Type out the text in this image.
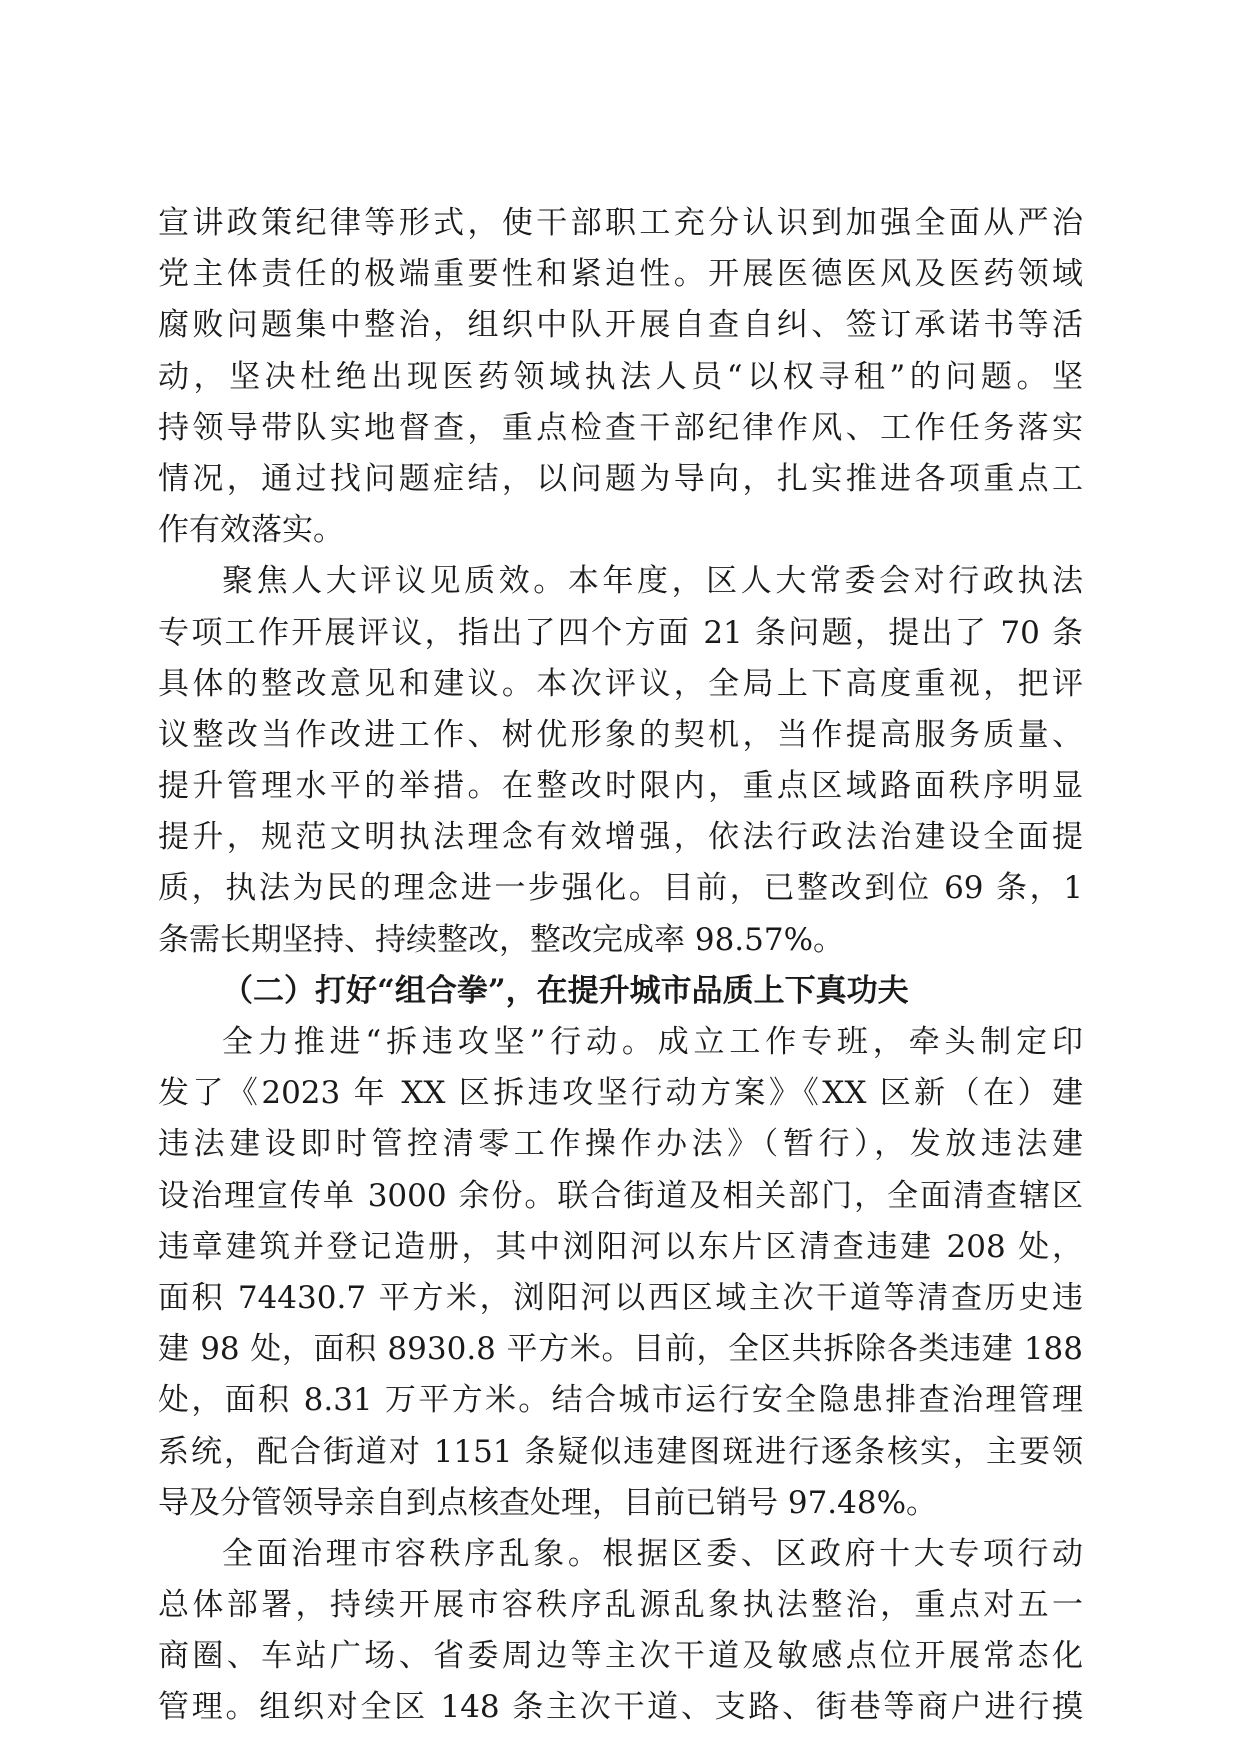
宣讲政策纪律等形式，使干部职工充分认识到加强全面从严治
党主体责任的极端重要性和紧迫性。开展医德医风及医药领域
腐败问题集中整治，组织中队开展自查自纠、签订承诺书等活
动，坚决杜绝出现医药领域执法人员“以权寻租”的问题。坚
持领导带队实地督查，重点检查干部纪律作风、工作任务落实
情况，通过找问题症结，以问题为导向，扎实推进各项重点工
作有效落实。
聚焦人大评议见质效。本年度，区人大常委会对行政执法
专项工作开展评议，指出了四个方面 21 条问题，提出了 70 条
具体的整改意见和建议。本次评议，全局上下高度重视，把评
议整改当作改进工作、树优形象的契机，当作提高服务质量、
提升管理水平的举措。在整改时限内，重点区域路面秩序明显
提升，规范文明执法理念有效增强，依法行政法治建设全面提
质，执法为民的理念进一步强化。目前，已整改到位 69 条，1
条需长期坚持、持续整改，整改完成率 98.57%。
（二）打好“组合拳”，在提升城市品质上下真功夫
全力推进“拆违攻坚”行动。成立工作专班，牵头制定印
发了《2023 年 XX 区拆违攻坚行动方案》《XX 区新（在）建
违法建设即时管控清零工作操作办法》（暂行），发放违法建
设治理宣传单 3000 余份。联合街道及相关部门，全面清查辖区
违章建筑并登记造册，其中浏阳河以东片区清查违建 208 处，
面积 74430.7 平方米，浏阳河以西区域主次干道等清查历史违
建 98 处，面积 8930.8 平方米。目前，全区共拆除各类违建 188
处，面积 8.31 万平方米。结合城市运行安全隐患排查治理管理
系统，配合街道对 1151 条疑似违建图斑进行逐条核实，主要领
导及分管领导亲自到点核查处理，目前已销号 97.48%。
全面治理市容秩序乱象。根据区委、区政府十大专项行动
总体部署，持续开展市容秩序乱源乱象执法整治，重点对五一
商圈、车站广场、省委周边等主次干道及敏感点位开展常态化
管理。组织对全区 148 条主次干道、支路、街巷等商户进行摸
